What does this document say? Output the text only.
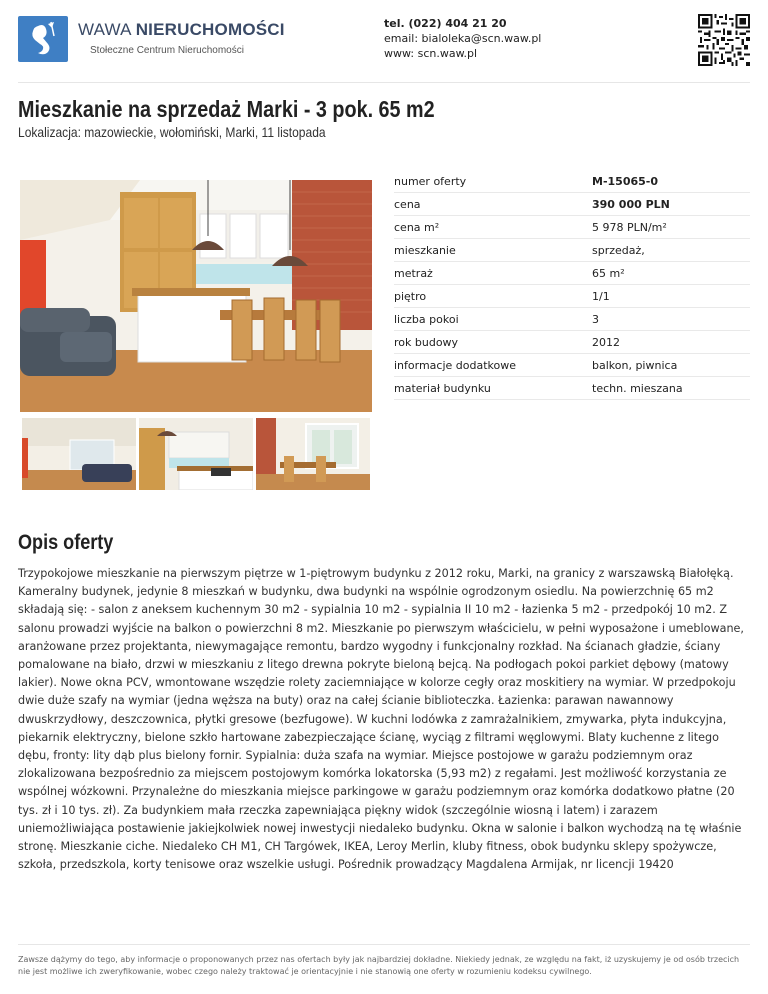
WAWA NIERUCHOMOŚCI
Stołeczne Centrum Nieruchomości
tel. (022) 404 21 20
email: bialoleka@scn.waw.pl
www: scn.waw.pl
Mieszkanie na sprzedaż Marki - 3 pok. 65 m2
Lokalizacja: mazowieckie, wołomiński, Marki, 11 listopada
numer oferty	M-15065-0
cena	390 000 PLN
cena m²	5 978 PLN/m²
mieszkanie	sprzedaż,
metraż	65 m²
piętro	1/1
liczba pokoi	3
rok budowy	2012
informacje dodatkowe	balkon, piwnica
materiał budynku	techn. mieszana
Opis oferty

Trzypokojowe mieszkanie na pierwszym piętrze w 1-piętrowym budynku z 2012 roku, Marki, na granicy z warszawską Białołęką. Kameralny budynek, jedynie 8 mieszkań w budynku, dwa budynki na wspólnie ogrodzonym osiedlu. Na powierzchnię 65 m2 składają się: - salon z aneksem kuchennym 30 m2 - sypialnia 10 m2 - sypialnia II 10 m2 - łazienka 5 m2 - przedpokój 10 m2. Z salonu prowadzi wyjście na balkon o powierzchni 8 m2. Mieszkanie po pierwszym właścicielu, w pełni wyposażone i umeblowane, aranżowane przez projektanta, niewymagające remontu, bardzo wygodny i funkcjonalny rozkład. Na ścianach gładzie, ściany pomalowane na biało, drzwi w mieszkaniu z litego drewna pokryte bieloną bejcą. Na podłogach pokoi parkiet dębowy (matowy lakier). Nowe okna PCV, wmontowane wszędzie rolety zaciemniające w kolorze cegły oraz moskitiery na wymiar. W przedpokoju dwie duże szafy na wymiar (jedna węższa na buty) oraz na całej ścianie biblioteczka. Łazienka: parawan nawannowy dwuskrzydłowy, deszczownica, płytki gresowe (bezfugowe). W kuchni lodówka z zamrażalnikiem, zmywarka, płyta indukcyjna, piekarnik elektryczny, bielone szkło hartowane zabezpieczające ścianę, wyciąg z filtrami węglowymi. Blaty kuchenne z litego dębu, fronty: lity dąb plus bielony fornir. Sypialnia: duża szafa na wymiar. Miejsce postojowe w garażu podziemnym oraz zlokalizowana bezpośrednio za miejscem postojowym komórka lokatorska (5,93 m2) z regałami. Jest możliwość korzystania ze wspólnej wózkowni. Przynależne do mieszkania miejsce parkingowe w garażu podziemnym oraz komórka dodatkowo płatne (20 tys. zł i 10 tys. zł). Za budynkiem mała rzeczka zapewniająca piękny widok (szczególnie wiosną i latem) i zarazem uniemożliwiająca postawienie jakiejkolwiek nowej inwestycji niedaleko budynku. Okna w salonie i balkon wychodzą na tę właśnie stronę. Mieszkanie ciche. Niedaleko CH M1, CH Targówek, IKEA, Leroy Merlin, kluby fitness, obok budynku sklepy spożywcze, szkoła, przedszkola, korty tenisowe oraz wszelkie usługi. Pośrednik prowadzący Magdalena Armijak, nr licencji 19420

Zawsze dążymy do tego, aby informacje o proponowanych przez nas ofertach były jak najbardziej dokładne. Niekiedy jednak, ze względu na fakt, iż uzyskujemy je od osób trzecich nie jest możliwe ich zweryfikowanie, wobec czego należy traktować je orientacyjnie i nie stanowią one oferty w rozumieniu kodeksu cywilnego.
